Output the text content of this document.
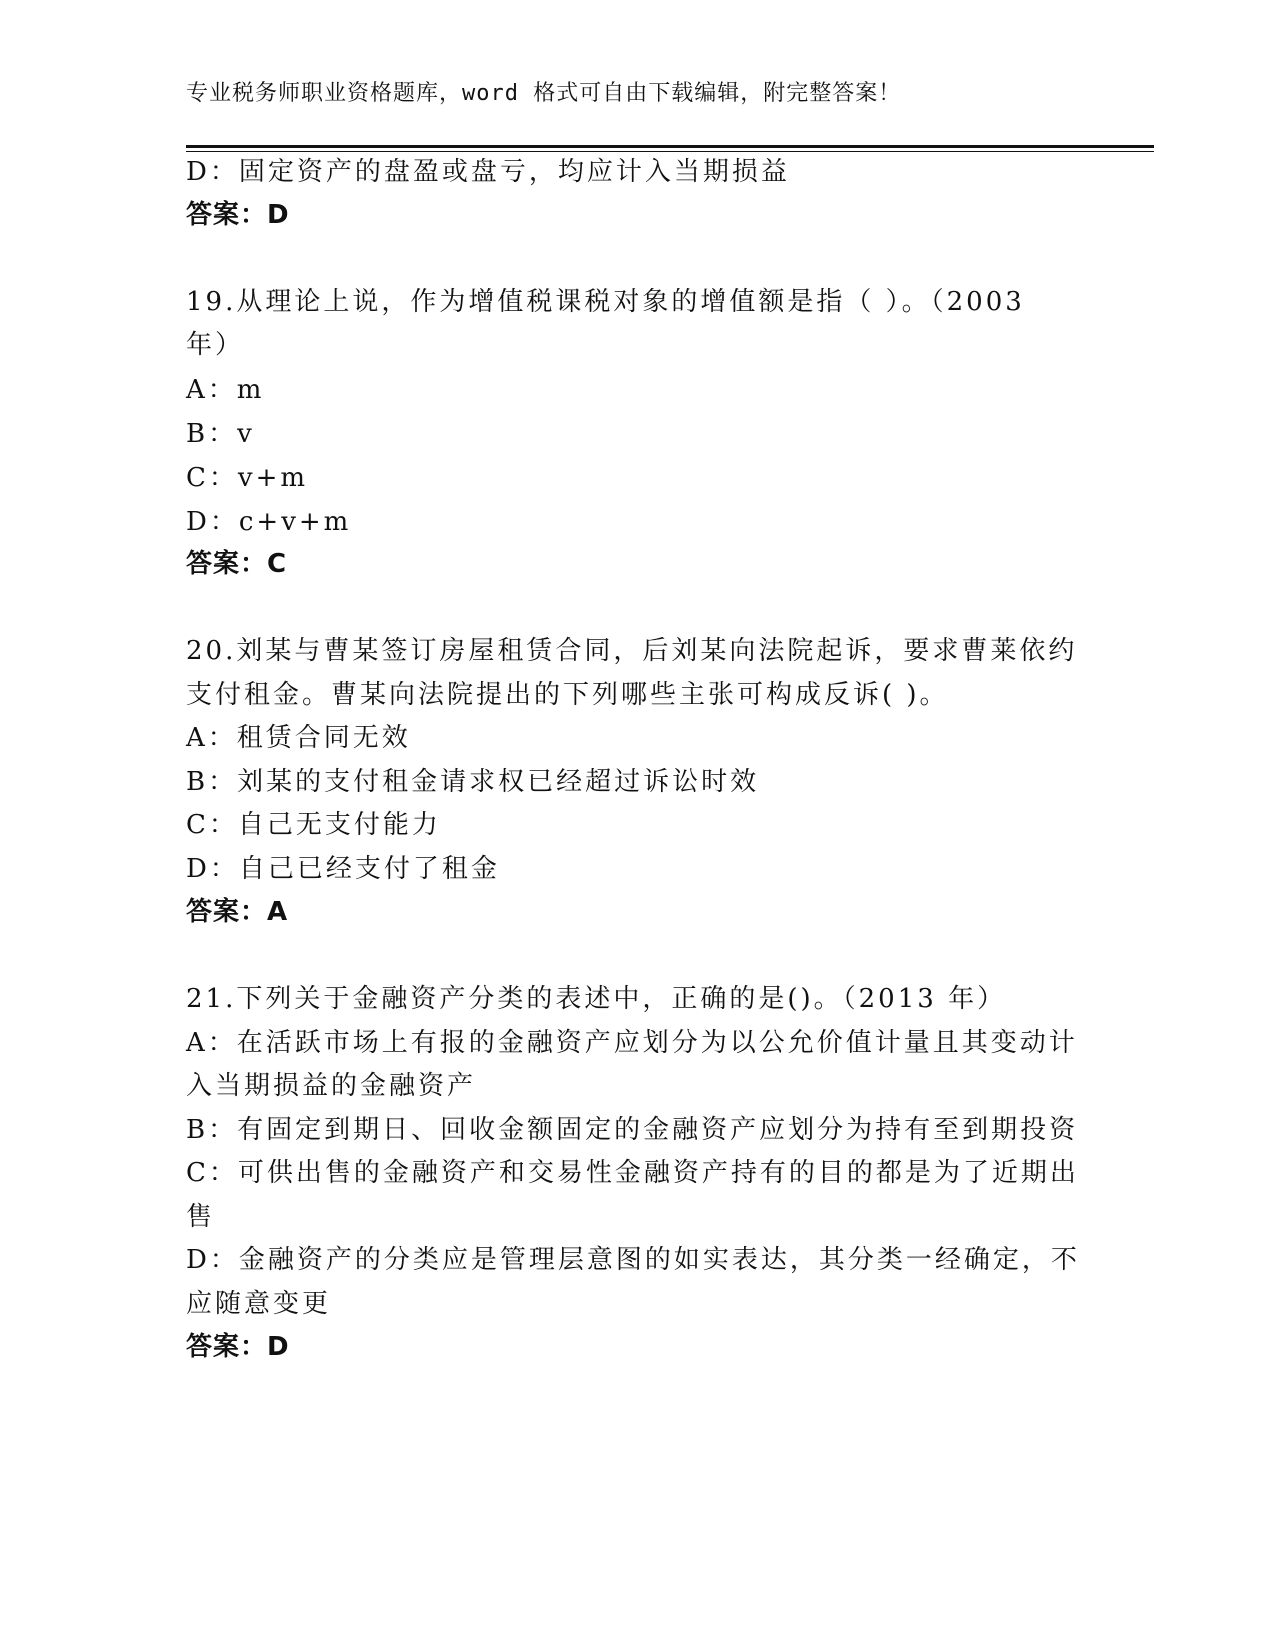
专业税务师职业资格题库，word 格式可自由下载编辑，附完整答案！
D：固定资产的盘盈或盘亏，均应计入当期损益
答案：D
19.从理论上说，作为增值税课税对象的增值额是指（ ）。（2003
年）
A：m
B：v
C：v+m
D：c+v+m
答案：C
20.刘某与曹某签订房屋租赁合同，后刘某向法院起诉，要求曹莱依约
支付租金。曹某向法院提出的下列哪些主张可构成反诉( )。
A：租赁合同无效
B：刘某的支付租金请求权已经超过诉讼时效
C：自己无支付能力
D：自己已经支付了租金
答案：A
21.下列关于金融资产分类的表述中，正确的是()。（2013 年）
A：在活跃市场上有报的金融资产应划分为以公允价值计量且其变动计
入当期损益的金融资产
B：有固定到期日、回收金额固定的金融资产应划分为持有至到期投资
C：可供出售的金融资产和交易性金融资产持有的目的都是为了近期出
售
D：金融资产的分类应是管理层意图的如实表达，其分类一经确定，不
应随意变更
答案：D
